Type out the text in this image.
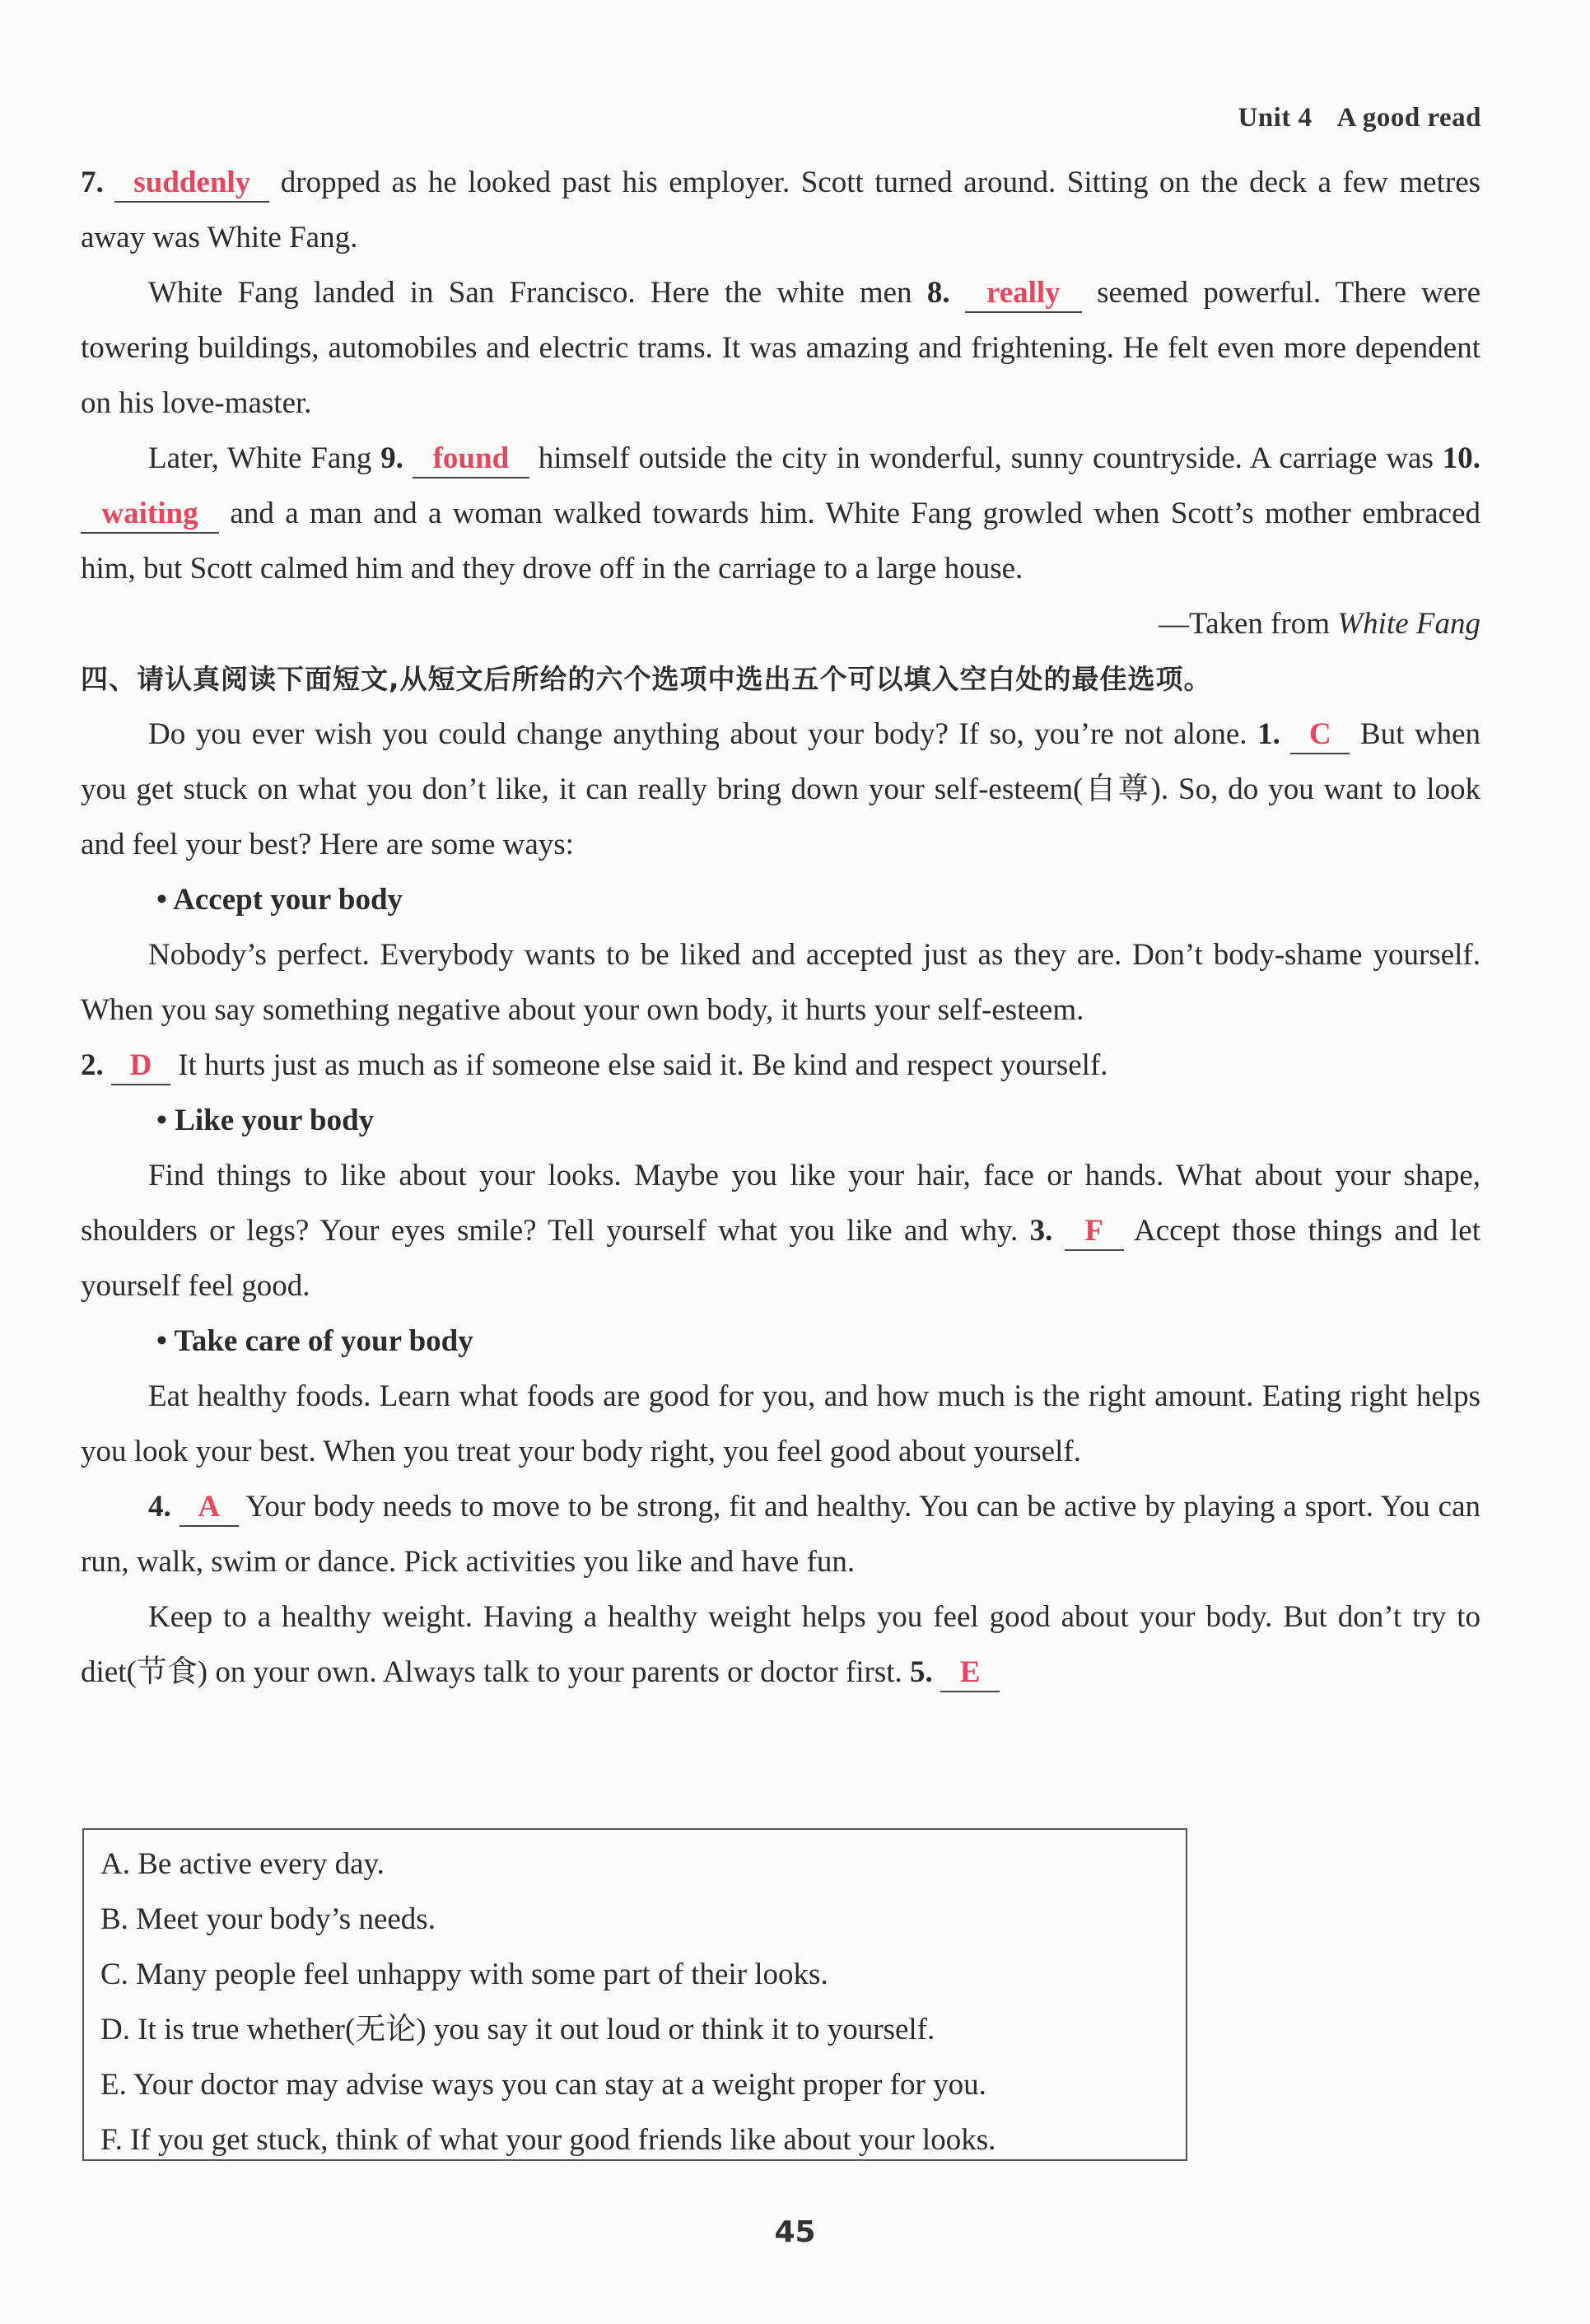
Unit 4 A good read

7. suddenly dropped as he looked past his employer. Scott turned around. Sitting on the deck a few metres away was White Fang.

White Fang landed in San Francisco. Here the white men 8. really seemed powerful. There were towering buildings, automobiles and electric trams. It was amazing and frightening. He felt even more dependent on his love-master.

Later, White Fang 9. found himself outside the city in wonderful, sunny countryside. A carriage was 10. waiting and a man and a woman walked towards him. White Fang growled when Scott’s mother embraced him, but Scott calmed him and they drove off in the carriage to a large house.

—Taken from White Fang

四、请认真阅读下面短文,从短文后所给的六个选项中选出五个可以填入空白处的最佳选项。

Do you ever wish you could change anything about your body? If so, you’re not alone. 1. C But when you get stuck on what you don’t like, it can really bring down your self-esteem(自尊). So, do you want to look and feel your best? Here are some ways:

• Accept your body

Nobody’s perfect. Everybody wants to be liked and accepted just as they are. Don’t body-shame yourself. When you say something negative about your own body, it hurts your self-esteem.

2. D It hurts just as much as if someone else said it. Be kind and respect yourself.

• Like your body

Find things to like about your looks. Maybe you like your hair, face or hands. What about your shape, shoulders or legs? Your eyes smile? Tell yourself what you like and why. 3. F Accept those things and let yourself feel good.

• Take care of your body

Eat healthy foods. Learn what foods are good for you, and how much is the right amount. Eating right helps you look your best. When you treat your body right, you feel good about yourself.

4. A Your body needs to move to be strong, fit and healthy. You can be active by playing a sport. You can run, walk, swim or dance. Pick activities you like and have fun.

Keep to a healthy weight. Having a healthy weight helps you feel good about your body. But don’t try to diet(节食) on your own. Always talk to your parents or doctor first. 5. E

A. Be active every day.
B. Meet your body’s needs.
C. Many people feel unhappy with some part of their looks.
D. It is true whether(无论) you say it out loud or think it to yourself.
E. Your doctor may advise ways you can stay at a weight proper for you.
F. If you get stuck, think of what your good friends like about your looks.
45
